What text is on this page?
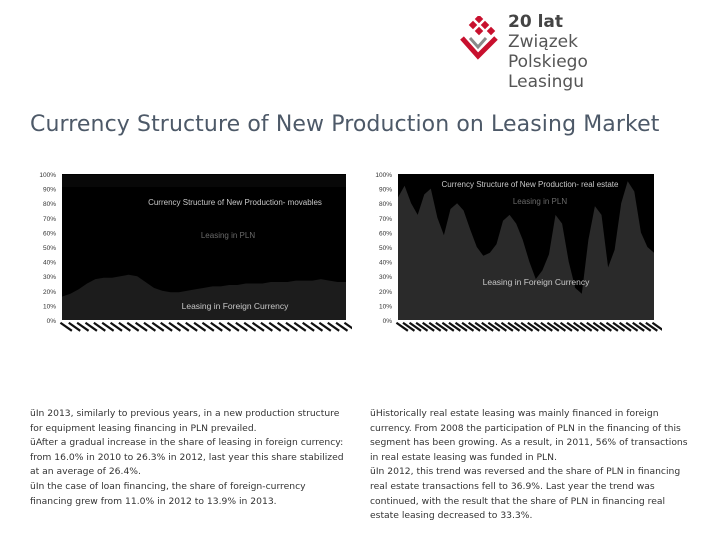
20 lat
Związek Polskiego
Leasingu
Currency Structure of New Production on Leasing Market
100%
90%
80%
70%
60%
50%
40%
30%
20%
10%
0%
Currency Structure of New Production- movables
Leasing in PLN
Leasing in Foreign Currency
100%
90%
80%
70%
60%
50%
40%
30%
20%
10%
0%
Currency Structure of New Production- real estate
Leasing in PLN
Leasing in Foreign Currency

üIn 2013, similarly to previous years, in a new production structure for equipment leasing financing in PLN prevailed.

üAfter a gradual increase in the share of leasing in foreign currency: from 16.0% in 2010 to 26.3% in 2012, last year this share stabilized at an average of 26.4%.

üIn the case of loan financing, the share of foreign-currency financing grew from 11.0% in 2012 to 13.9% in 2013.

üHistorically real estate leasing was mainly financed in foreign currency. From 2008 the participation of PLN in the financing of this segment has been growing. As a result, in 2011, 56% of transactions in real estate leasing was funded in PLN.

üIn 2012, this trend was reversed and the share of PLN in financing real estate transactions fell to 36.9%. Last year the trend was continued, with the result that the share of PLN in financing real estate leasing decreased to 33.3%.
